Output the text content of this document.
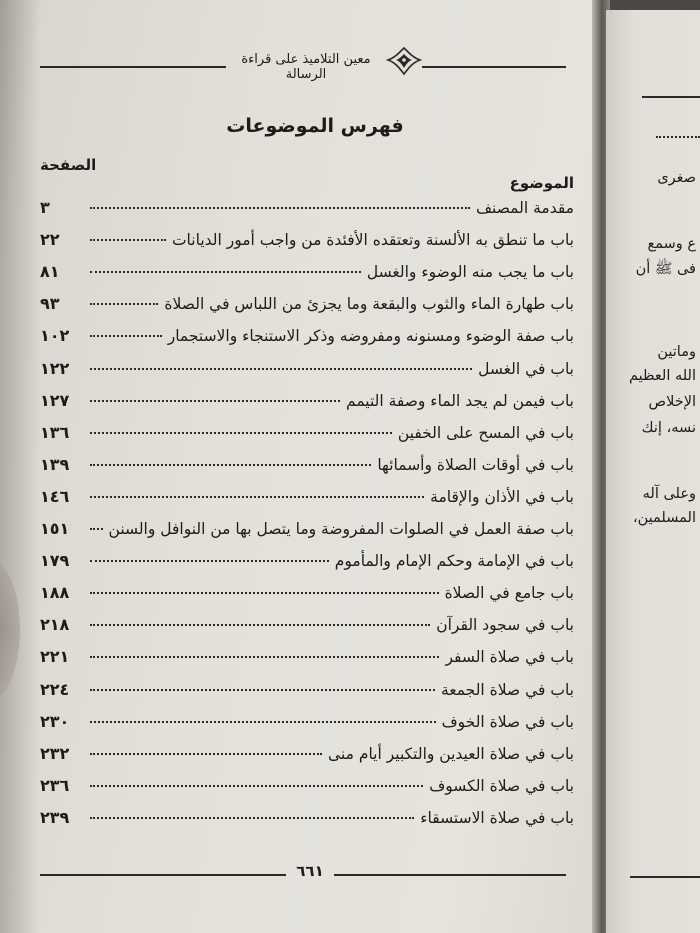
معين التلاميذ على قراءة الرسالة
فهرس الموضوعات
الصفحة
الموضوع
مقدمة المصنف
٣
باب ما تنطق به الألسنة وتعتقده الأفئدة من واجب أمور الديانات
٢٢
باب ما يجب منه الوضوء والغسل
٨١
باب طهارة الماء والثوب والبقعة وما يجزئ من اللباس في الصلاة
٩٣
باب صفة الوضوء ومسنونه ومفروضه وذكر الاستنجاء والاستجمار
١٠٢
باب في الغسل
١٢٢
باب فيمن لم يجد الماء وصفة التيمم
١٢٧
باب في المسح على الخفين
١٣٦
باب في أوقات الصلاة وأسمائها
١٣٩
باب في الأذان والإقامة
١٤٦
باب صفة العمل في الصلوات المفروضة وما يتصل بها من النوافل والسنن
١٥١
باب في الإمامة وحكم الإمام والمأموم
١٧٩
باب جامع في الصلاة
١٨٨
باب في سجود القرآن
٢١٨
باب في صلاة السفر
٢٢١
باب في صلاة الجمعة
٢٢٤
باب في صلاة الخوف
٢٣٠
باب في صلاة العيدين والتكبير أيام منى
٢٣٢
باب في صلاة الكسوف
٢٣٦
باب في صلاة الاستسقاء
٢٣٩
٦٦١
صغرى
ع وسمع
فى ﷺ أن
وماتين
الله العظيم
الإخلاص
نسه، إنك
وعلى آله
المسلمين،
